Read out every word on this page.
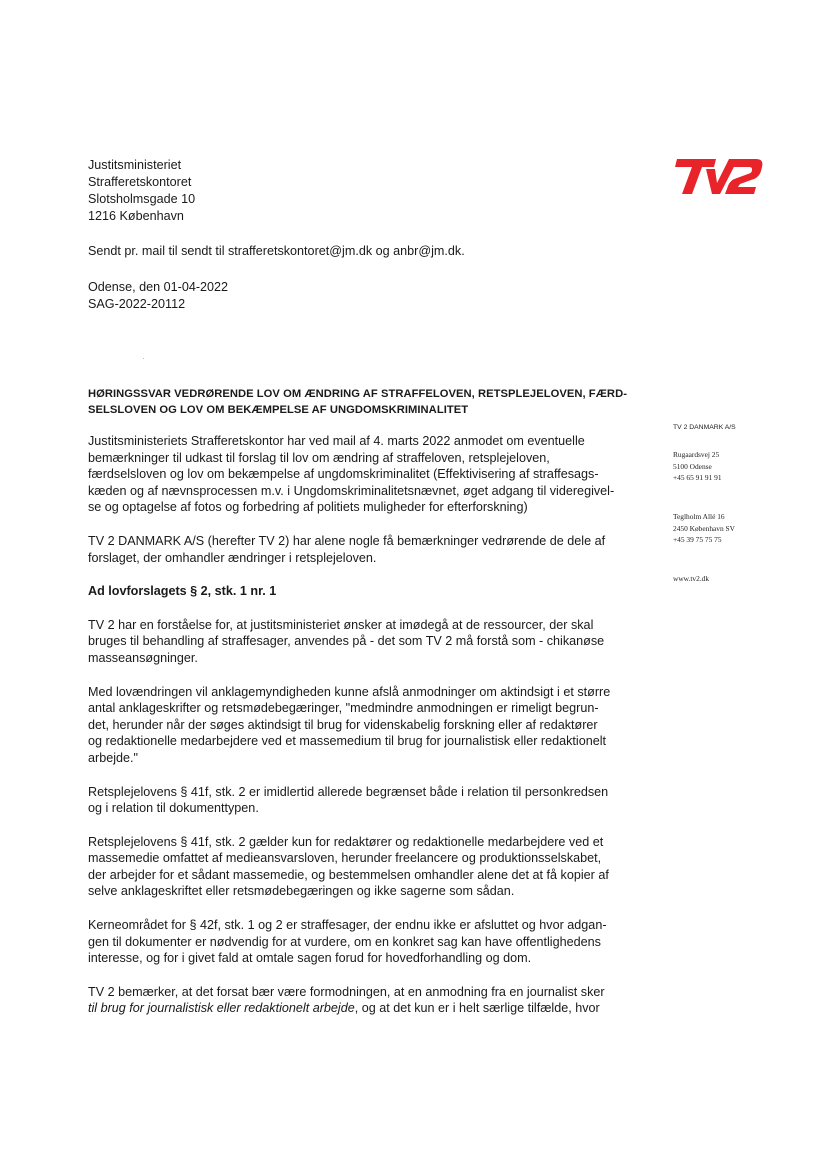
Justitsministeriet
Strafferetskontoret
Slotsholmsgade 10
1216 København
Sendt pr. mail til sendt til strafferetskontoret@jm.dk og anbr@jm.dk.
Odense, den 01-04-2022
SAG-2022-20112
TV 2 DANMARK A/S
Rugaardsvej 25
5100 Odense
+45 65 91 91 91
Teglholm Allé 16
2450 København SV
+45 39 75 75 75
www.tv2.dk

HØRINGSSVAR VEDRØRENDE LOV OM ÆNDRING AF STRAFFELOVEN, RETSPLEJELOVEN, FÆRD-
SELSLOVEN OG LOV OM BEKÆMPELSE AF UNGDOMSKRIMINALITET

Justitsministeriets Strafferetskontor har ved mail af 4. marts 2022 anmodet om eventuelle
bemærkninger til udkast til forslag til lov om ændring af straffeloven, retsplejeloven,
færdselsloven og lov om bekæmpelse af ungdomskriminalitet (Effektivisering af straffesags-
kæden og af nævnsprocessen m.v. i Ungdomskriminalitetsnævnet, øget adgang til videregivel-
se og optagelse af fotos og forbedring af politiets muligheder for efterforskning)

TV 2 DANMARK A/S (herefter TV 2) har alene nogle få bemærkninger vedrørende de dele af
forslaget, der omhandler ændringer i retsplejeloven.

Ad lovforslagets § 2, stk. 1 nr. 1

TV 2 har en forståelse for, at justitsministeriet ønsker at imødegå at de ressourcer, der skal
bruges til behandling af straffesager, anvendes på - det som TV 2 må forstå som - chikanøse
masseansøgninger.

Med lovændringen vil anklagemyndigheden kunne afslå anmodninger om aktindsigt i et større
antal anklageskrifter og retsmødebegæringer, "medmindre anmodningen er rimeligt begrun-
det, herunder når der søges aktindsigt til brug for videnskabelig forskning eller af redaktører
og redaktionelle medarbejdere ved et massemedium til brug for journalistisk eller redaktionelt
arbejde."

Retsplejelovens § 41f, stk. 2 er imidlertid allerede begrænset både i relation til personkredsen
og i relation til dokumenttypen.

Retsplejelovens § 41f, stk. 2 gælder kun for redaktører og redaktionelle medarbejdere ved et
massemedie omfattet af medieansvarsloven, herunder freelancere og produktionsselskabet,
der arbejder for et sådant massemedie, og bestemmelsen omhandler alene det at få kopier af
selve anklageskriftet eller retsmødebegæringen og ikke sagerne som sådan.

Kerneområdet for § 42f, stk. 1 og 2 er straffesager, der endnu ikke er afsluttet og hvor adgan-
gen til dokumenter er nødvendig for at vurdere, om en konkret sag kan have offentlighedens
interesse, og for i givet fald at omtale sagen forud for hovedforhandling og dom.

TV 2 bemærker, at det forsat bær være formodningen, at en anmodning fra en journalist sker
til brug for journalistisk eller redaktionelt arbejde, og at det kun er i helt særlige tilfælde, hvor
